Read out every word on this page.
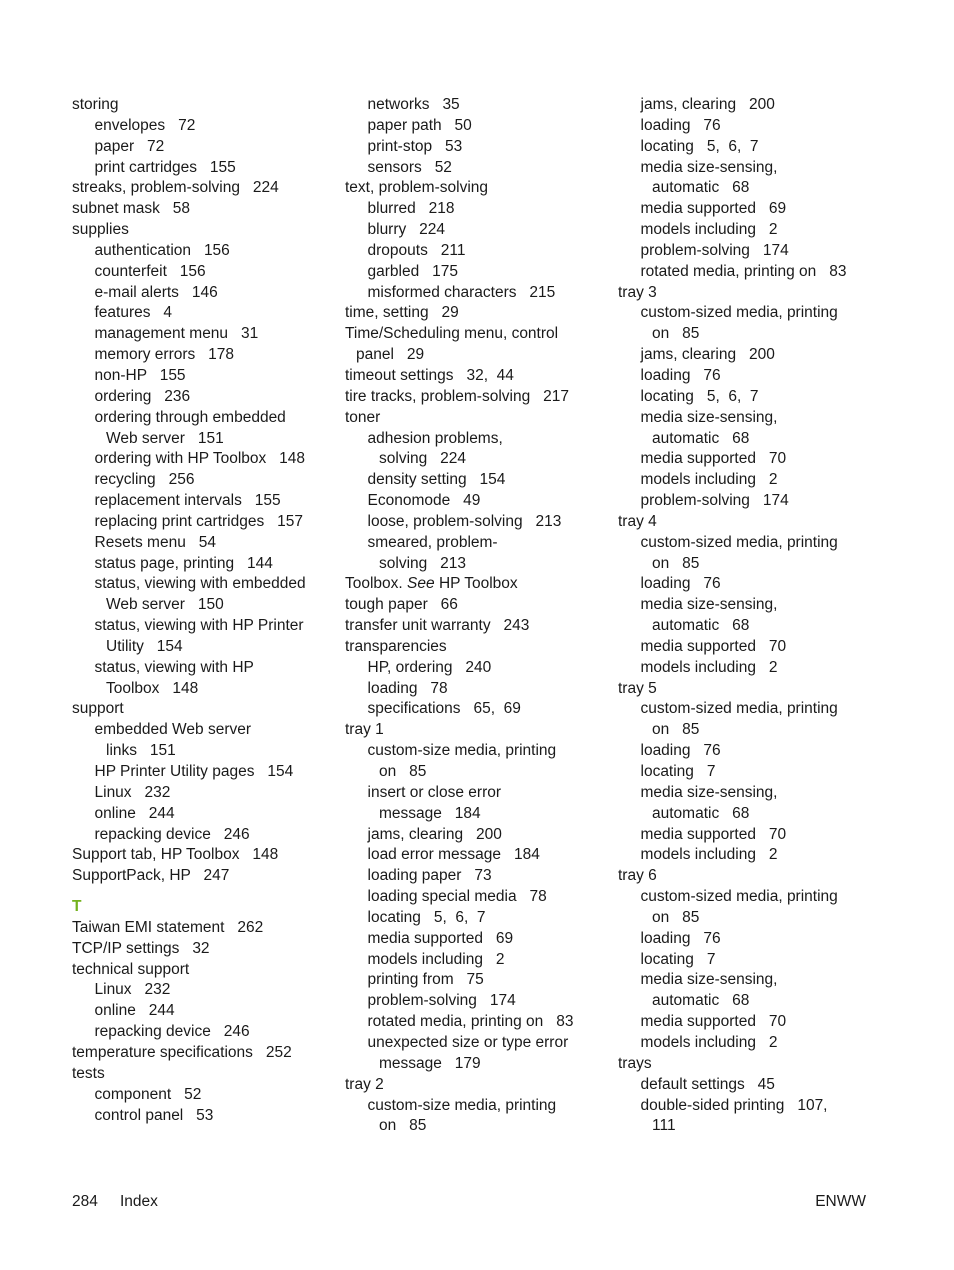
storing
envelopes   72
paper   72
print cartridges   155
streaks, problem-solving   224
subnet mask   58
supplies
authentication   156
counterfeit   156
e-mail alerts   146
features   4
management menu   31
memory errors   178
non-HP   155
ordering   236
ordering through embedded
Web server   151
ordering with HP Toolbox   148
recycling   256
replacement intervals   155
replacing print cartridges   157
Resets menu   54
status page, printing   144
status, viewing with embedded
Web server   150
status, viewing with HP Printer
Utility   154
status, viewing with HP
Toolbox   148
support
embedded Web server
links   151
HP Printer Utility pages   154
Linux   232
online   244
repacking device   246
Support tab, HP Toolbox   148
SupportPack, HP   247
T
Taiwan EMI statement   262
TCP/IP settings   32
technical support
Linux   232
online   244
repacking device   246
temperature specifications   252
tests
component   52
control panel   53
networks   35
paper path   50
print-stop   53
sensors   52
text, problem-solving
blurred   218
blurry   224
dropouts   211
garbled   175
misformed characters   215
time, setting   29
Time/Scheduling menu, control
panel   29
timeout settings   32,  44
tire tracks, problem-solving   217
toner
adhesion problems,
solving   224
density setting   154
Economode   49
loose, problem-solving   213
smeared, problem-
solving   213
Toolbox. See HP Toolbox
tough paper   66
transfer unit warranty   243
transparencies
HP, ordering   240
loading   78
specifications   65,  69
tray 1
custom-size media, printing
on   85
insert or close error
message   184
jams, clearing   200
load error message   184
loading paper   73
loading special media   78
locating   5,  6,  7
media supported   69
models including   2
printing from   75
problem-solving   174
rotated media, printing on   83
unexpected size or type error
message   179
tray 2
custom-size media, printing
on   85
jams, clearing   200
loading   76
locating   5,  6,  7
media size-sensing,
automatic   68
media supported   69
models including   2
problem-solving   174
rotated media, printing on   83
tray 3
custom-sized media, printing
on   85
jams, clearing   200
loading   76
locating   5,  6,  7
media size-sensing,
automatic   68
media supported   70
models including   2
problem-solving   174
tray 4
custom-sized media, printing
on   85
loading   76
media size-sensing,
automatic   68
media supported   70
models including   2
tray 5
custom-sized media, printing
on   85
loading   76
locating   7
media size-sensing,
automatic   68
media supported   70
models including   2
tray 6
custom-sized media, printing
on   85
loading   76
locating   7
media size-sensing,
automatic   68
media supported   70
models including   2
trays
default settings   45
double-sided printing   107,
111
284 Index	ENWW
